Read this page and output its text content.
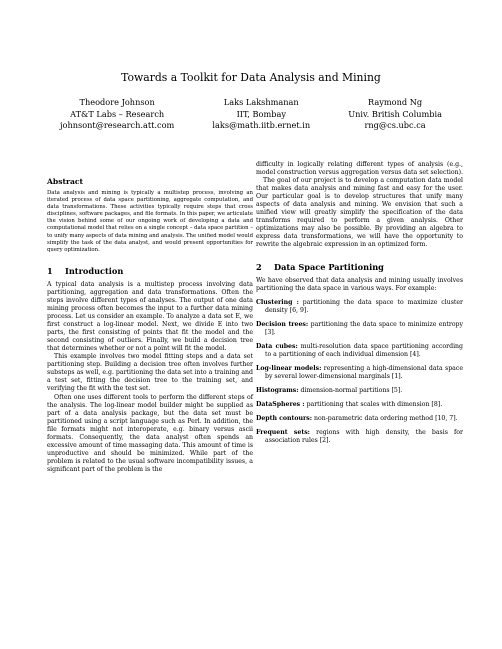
Towards a Toolkit for Data Analysis and Mining
Theodore Johnson
AT&T Labs – Research
johnsont@research.att.com
Laks Lakshmanan
IIT, Bombay
laks@math.iitb.ernet.in
Raymond Ng
Univ. British Columbia
rng@cs.ubc.ca
Abstract

Data analysis and mining is typically a multistep process, involving an iterated process of data space partitioning, aggregate computation, and data transformations. These activities typically require steps that cross disciplines, software packages, and file formats. In this paper, we articulate the vision behind some of our ongoing work of developing a data and computational model that relies on a single concept – data space partition – to unify many aspects of data mining and analysis. The unified model would simplify the task of the data analyst, and would present opportunities for query optimization.

1 Introduction

A typical data analysis is a multistep process involving data partitioning, aggregation and data transformations. Often the steps involve different types of analyses. The output of one data mining process often becomes the input to a further data mining process. Let us consider an example. To analyze a data set E, we first construct a log-linear model. Next, we divide E into two parts, the first consisting of points that fit the model and the second consisting of outliers. Finally, we build a decision tree that determines whether or not a point will fit the model.

This example involves two model fitting steps and a data set partitioning step. Building a decision tree often involves further substeps as well, e.g. partitioning the data set into a training and a test set, fitting the decision tree to the training set, and verifying the fit with the test set.

Often one uses different tools to perform the different steps of the analysis. The log-linear model builder might be supplied as part of a data analysis package, but the data set must be partitioned using a script language such as Perl. In addition, the file formats might not interoperate, e.g. binary versus ascii formats. Consequently, the data analyst often spends an excessive amount of time massaging data. This amount of time is unproductive and should be minimized. While part of the problem is related to the usual software incompatibility issues, a significant part of the problem is the

difficulty in logically relating different types of analysis (e.g., model construction versus aggregation versus data set selection).

The goal of our project is to develop a computation data model that makes data analysis and mining fast and easy for the user. Our particular goal is to develop structures that unify many aspects of data analysis and mining. We envision that such a unified view will greatly simplify the specification of the data transforms required to perform a given analysis. Other optimizations may also be possible. By providing an algebra to express data transformations, we will have the opportunity to rewrite the algebraic expression in an optimized form.

2 Data Space Partitioning

We have observed that data analysis and mining usually involves partitioning the data space in various ways. For example:

Clustering : partitioning the data space to maximize cluster density [6, 9].

Decision trees: partitioning the data space to minimize entropy [3].

Data cubes: multi-resolution data space partitioning according to a partitioning of each individual dimension [4].

Log-linear models: representing a high-dimensional data space by several lower-dimensional marginals [1].

Histograms: dimension-normal partitions [5].

DataSpheres : partitioning that scales with dimension [8].

Depth contours: non-parametric data ordering method [10, 7].

Frequent sets: regions with high density, the basis for association rules [2].
